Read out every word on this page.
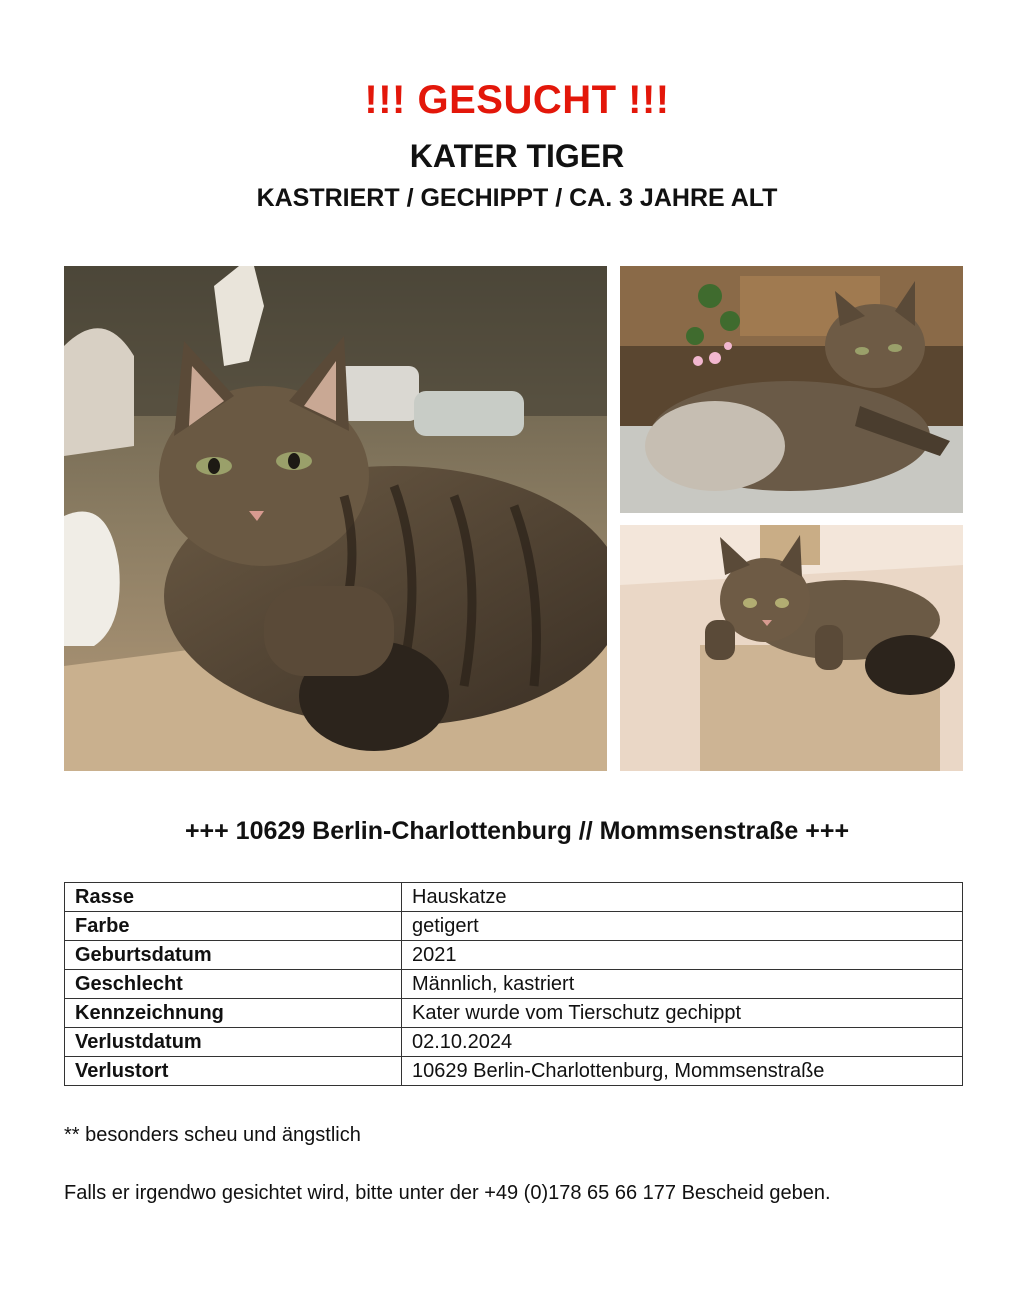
!!! GESUCHT !!!
KATER TIGER
KASTRIERT / GECHIPPT / CA. 3 JAHRE ALT
+++ 10629 Berlin-Charlottenburg // Mommsenstraße +++
Rasse	Hauskatze
Farbe	getigert
Geburtsdatum	2021
Geschlecht	Männlich, kastriert
Kennzeichnung	Kater wurde vom Tierschutz gechippt
Verlustdatum	02.10.2024
Verlustort	10629 Berlin-Charlottenburg, Mommsenstraße
** besonders scheu und ängstlich
Falls er irgendwo gesichtet wird, bitte unter der +49 (0)178 65 66 177 Bescheid geben.
